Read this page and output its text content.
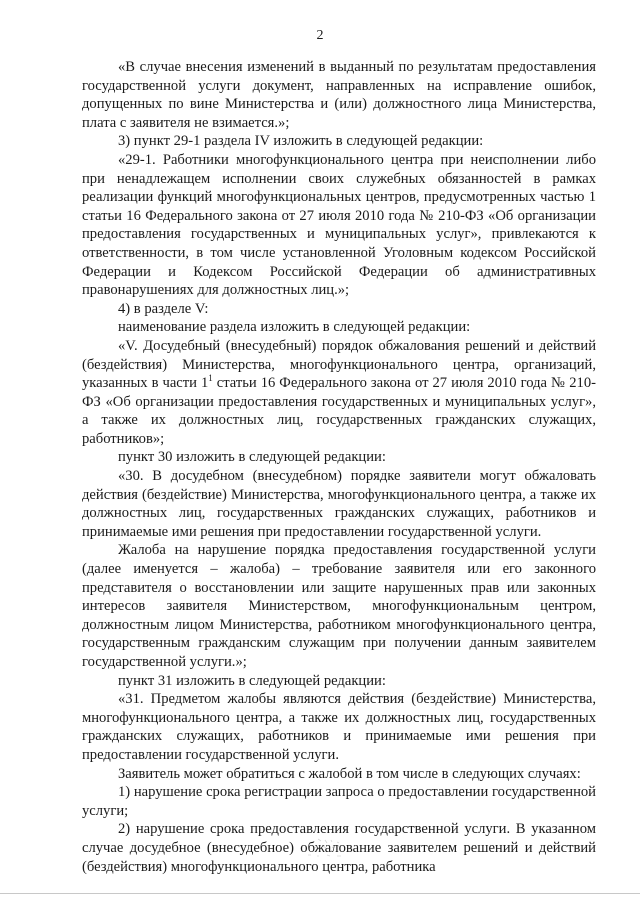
2

«В случае внесения изменений в выданный по результатам предоставления государственной услуги документ, направленных на исправление ошибок, допущенных по вине Министерства и (или) должностного лица Министерства, плата с заявителя не взимается.»;

3) пункт 29-1 раздела IV изложить в следующей редакции:

«29-1. Работники многофункционального центра при неисполнении либо при ненадлежащем исполнении своих служебных обязанностей в рамках реализации функций многофункциональных центров, предусмотренных частью 1 статьи 16 Федерального закона от 27 июля 2010 года № 210-ФЗ «Об организации предоставления государственных и муниципальных услуг», привлекаются к ответственности, в том числе установленной Уголовным кодексом Российской Федерации и Кодексом Российской Федерации об административных правонарушениях для должностных лиц.»;

4) в разделе V:

наименование раздела изложить в следующей редакции:

«V. Досудебный (внесудебный) порядок обжалования решений и действий (бездействия) Министерства, многофункционального центра, организаций, указанных в части $1^1$ статьи 16 Федерального закона от 27 июля 2010 года № 210-ФЗ «Об организации предоставления государственных и муниципальных услуг», а также их должностных лиц, государственных гражданских служащих, работников»;

пункт 30 изложить в следующей редакции:

«30. В досудебном (внесудебном) порядке заявители могут обжаловать действия (бездействие) Министерства, многофункционального центра, а также их должностных лиц, государственных гражданских служащих, работников и принимаемые ими решения при предоставлении государственной услуги.

Жалоба на нарушение порядка предоставления государственной услуги (далее именуется – жалоба) – требование заявителя или его законного представителя о восстановлении или защите нарушенных прав или законных интересов заявителя Министерством, многофункциональным центром, должностным лицом Министерства, работником многофункционального центра, государственным гражданским служащим при получении данным заявителем государственной услуги.»;

пункт 31 изложить в следующей редакции:

«31. Предметом жалобы являются действия (бездействие) Министерства, многофункционального центра, а также их должностных лиц, государственных гражданских служащих, работников и принимаемые ими решения при предоставлении государственной услуги.

Заявитель может обратиться с жалобой в том числе в следующих случаях:

1) нарушение срока регистрации запроса о предоставлении государственной услуги;

2) нарушение срока предоставления государственной услуги. В указанном случае досудебное (внесудебное) обжалование заявителем решений и действий (бездействия) многофункционального центра, работника
